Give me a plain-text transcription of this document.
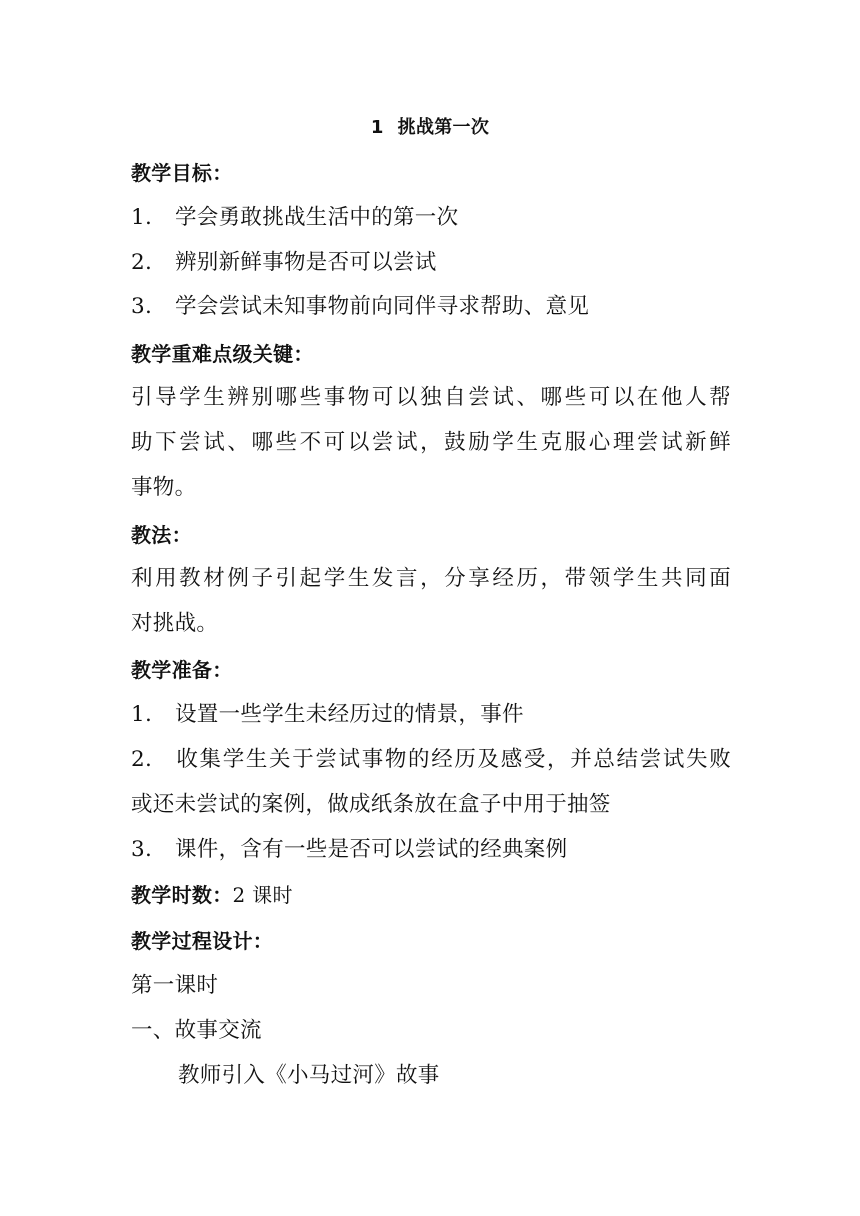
1 挑战第一次
教学目标：
1. 学会勇敢挑战生活中的第一次
2. 辨别新鲜事物是否可以尝试
3. 学会尝试未知事物前向同伴寻求帮助、意见
教学重难点级关键：
引导学生辨别哪些事物可以独自尝试、哪些可以在他人帮
助下尝试、哪些不可以尝试，鼓励学生克服心理尝试新鲜
事物。
教法：
利用教材例子引起学生发言，分享经历，带领学生共同面
对挑战。
教学准备：
1. 设置一些学生未经历过的情景，事件
2. 收集学生关于尝试事物的经历及感受，并总结尝试失败
或还未尝试的案例，做成纸条放在盒子中用于抽签
3. 课件，含有一些是否可以尝试的经典案例
教学时数：2 课时
教学过程设计：
第一课时
一、故事交流
教师引入《小马过河》故事
